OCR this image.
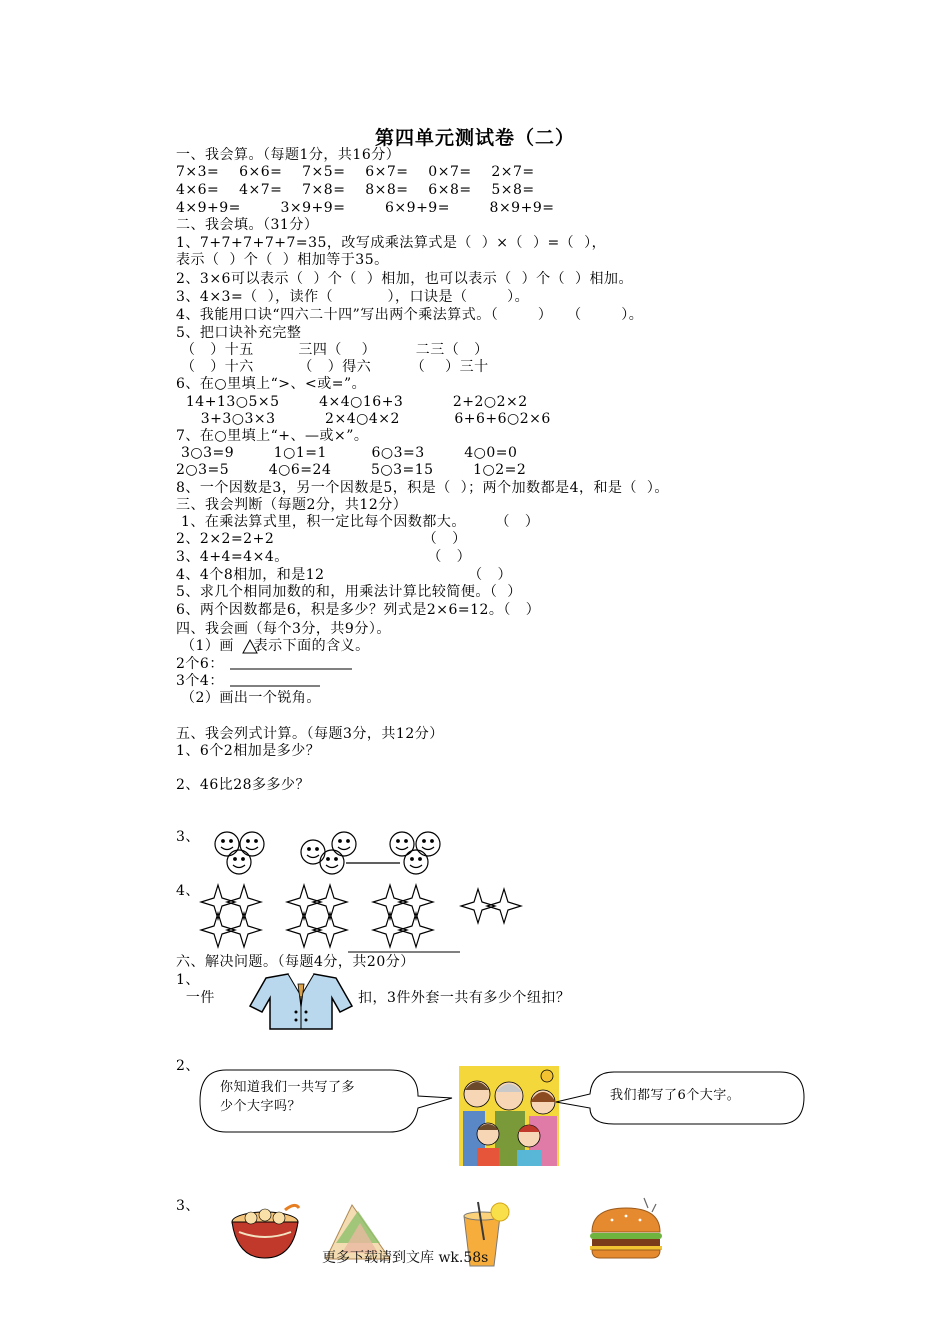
第四单元测试卷（二）
一、我会算。（每题1分，共16分）
7×3=    6×6=    7×5=    6×7=    0×7=    2×7=
4×6=    4×7=    7×8=    8×8=    6×8=    5×8=
4×9+9=        3×9+9=        6×9+9=        8×9+9=
二、我会填。（31分）
1、7+7+7+7+7=35，改写成乘法算式是（  ）×（  ）=（  ），
表示（  ）个（  ）相加等于35。
2、3×6可以表示（  ）个（  ）相加，也可以表示（  ）个（  ）相加。
3、4×3=（  ），读作（           ），口诀是（        ）。
4、我能用口诀“四六二十四”写出两个乘法算式。（        ）   （        ）。
5、把口诀补充完整
（   ）十五         三四（    ）        二三（   ）
（   ）十六         （   ）得六        （    ）三十
6、在○里填上“>、<或=”。
14+13○5×5        4×4○16+3          2+2○2×2
3+3○3×3          2×4○4×2           6+6+6○2×6
7、在○里填上“+、—或×”。
3○3=9        1○1=1         6○3=3        4○0=0
2○3=5        4○6=24        5○3=15        1○2=2
8、一个因数是3，另一个因数是5，积是（  ）；两个加数都是4，和是（  ）。
三、我会判断（每题2分，共12分）
1、在乘法算式里，积一定比每个因数都大。      （   ）
2、2×2=2+2                              （   ）
3、4+4=4×4。                            （   ）
4、4个8相加，和是12                             （   ）
5、求几个相同加数的和，用乘法计算比较简便。（  ）
6、两个因数都是6，积是多少？列式是2×6=12。（   ）
四、我会画（每个3分，共9分）。
（1）画    表示下面的含义。
2个6：
3个4：
（2）画出一个锐角。
五、我会列式计算。（每题3分，共12分）
1、6个2相加是多少？
2、46比28多多少？
3、
4、
六、解决问题。（每题4分，共20分）
1、
一件	扣，3件外套一共有多少个纽扣？
2、
3、
你知道我们一共写了多
少个大字吗？
我们都写了6个大字。
更多下载请到文库 wk.58s
